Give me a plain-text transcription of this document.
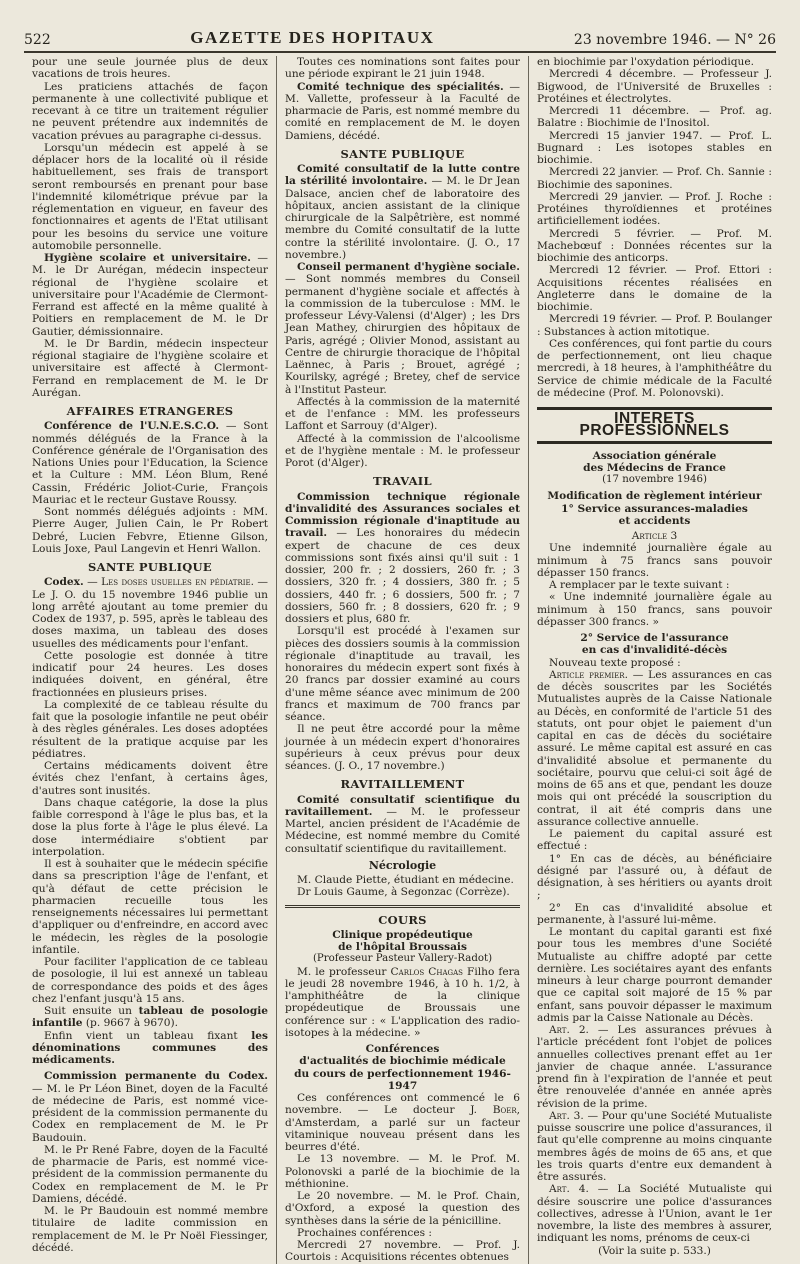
522	GAZETTE DES HOPITAUX	23 novembre 1946. — N° 26

pour une seule journée plus de deux vacations de trois heures.

Les praticiens attachés de façon permanente à une collectivité publique et recevant à ce titre un traitement régulier ne peuvent prétendre aux indemnités de vacation prévues au paragraphe ci-dessus.

Lorsqu'un médecin est appelé à se déplacer hors de la localité où il réside habituellement, ses frais de transport seront remboursés en prenant pour base l'indemnité kilométrique prévue par la réglementation en vigueur, en faveur des fonctionnaires et agents de l'Etat utilisant pour les besoins du service une voiture automobile personnelle.

Hygiène scolaire et universitaire. — M. le Dr Aurégan, médecin inspecteur régional de l'hygiène scolaire et universitaire pour l'Académie de Clermont-Ferrand est affecté en la même qualité à Poitiers en remplacement de M. le Dr Gautier, démissionnaire.

M. le Dr Bardin, médecin inspecteur régional stagiaire de l'hygiène scolaire et universitaire est affecté à Clermont-Ferrand en remplacement de M. le Dr Aurégan.

AFFAIRES ETRANGERES

Conférence de l'U.N.E.S.C.O. — Sont nommés délégués de la France à la Conférence générale de l'Organisation des Nations Unies pour l'Education, la Science et la Culture : MM. Léon Blum, René Cassin, Frédéric Joliot-Curie, François Mauriac et le recteur Gustave Roussy.

Sont nommés délégués adjoints : MM. Pierre Auger, Julien Cain, le Pr Robert Debré, Lucien Febvre, Etienne Gilson, Louis Joxe, Paul Langevin et Henri Wallon.

SANTE PUBLIQUE

Codex. — Les doses usuelles en pédiatrie. — Le J. O. du 15 novembre 1946 publie un long arrêté ajoutant au tome premier du Codex de 1937, p. 595, après le tableau des doses maxima, un tableau des doses usuelles des médicaments pour l'enfant.

Cette posologie est donnée à titre indicatif pour 24 heures. Les doses indiquées doivent, en général, être fractionnées en plusieurs prises.

La complexité de ce tableau résulte du fait que la posologie infantile ne peut obéir à des règles générales. Les doses adoptées résultent de la pratique acquise par les pédiatres.

Certains médicaments doivent être évités chez l'enfant, à certains âges, d'autres sont inusités.

Dans chaque catégorie, la dose la plus faible correspond à l'âge le plus bas, et la dose la plus forte à l'âge le plus élevé. La dose intermédiaire s'obtient par interpolation.

Il est à souhaiter que le médecin spécifie dans sa prescription l'âge de l'enfant, et qu'à défaut de cette précision le pharmacien recueille tous les renseignements nécessaires lui permettant d'appliquer ou d'enfreindre, en accord avec le médecin, les règles de la posologie infantile.

Pour faciliter l'application de ce tableau de posologie, il lui est annexé un tableau de correspondance des poids et des âges chez l'enfant jusqu'à 15 ans.

Suit ensuite un tableau de posologie infantile (p. 9667 à 9670).

Enfin vient un tableau fixant les dénominations communes des médicaments.

Commission permanente du Codex. — M. le Pr Léon Binet, doyen de la Faculté de médecine de Paris, est nommé vice-président de la commission permanente du Codex en remplacement de M. le Pr Baudouin.

M. le Pr René Fabre, doyen de la Faculté de pharmacie de Paris, est nommé vice-président de la commission permanente du Codex en remplacement de M. le Pr Damiens, décédé.

M. le Pr Baudouin est nommé membre titulaire de ladite commission en remplacement de M. le Pr Noël Fiessinger, décédé.

Toutes ces nominations sont faites pour une période expirant le 21 juin 1948.

Comité technique des spécialités. — M. Vallette, professeur à la Faculté de pharmacie de Paris, est nommé membre du comité en remplacement de M. le doyen Damiens, décédé.

SANTE PUBLIQUE

Comité consultatif de la lutte contre la stérilité involontaire. — M. le Dr Jean Dalsace, ancien chef de laboratoire des hôpitaux, ancien assistant de la clinique chirurgicale de la Salpêtrière, est nommé membre du Comité consultatif de la lutte contre la stérilité involontaire. (J. O., 17 novembre.)

Conseil permanent d'hygiène sociale. — Sont nommés membres du Conseil permanent d'hygiène sociale et affectés à la commission de la tuberculose : MM. le professeur Lévy-Valensi (d'Alger) ; les Drs Jean Mathey, chirurgien des hôpitaux de Paris, agrégé ; Olivier Monod, assistant au Centre de chirurgie thoracique de l'hôpital Laënnec, à Paris ; Brouet, agrégé ; Kourilsky, agrégé ; Bretey, chef de service à l'Institut Pasteur.

Affectés à la commission de la maternité et de l'enfance : MM. les professeurs Laffont et Sarrouy (d'Alger).

Affecté à la commission de l'alcoolisme et de l'hygiène mentale : M. le professeur Porot (d'Alger).

TRAVAIL

Commission technique régionale d'invalidité des Assurances sociales et Commission régionale d'inaptitude au travail. — Les honoraires du médecin expert de chacune de ces deux commissions sont fixés ainsi qu'il suit : 1 dossier, 200 fr. ; 2 dossiers, 260 fr. ; 3 dossiers, 320 fr. ; 4 dossiers, 380 fr. ; 5 dossiers, 440 fr. ; 6 dossiers, 500 fr. ; 7 dossiers, 560 fr. ; 8 dossiers, 620 fr. ; 9 dossiers et plus, 680 fr.

Lorsqu'il est procédé à l'examen sur pièces des dossiers soumis à la commission régionale d'inaptitude au travail, les honoraires du médecin expert sont fixés à 20 francs par dossier examiné au cours d'une même séance avec minimum de 200 francs et maximum de 700 francs par séance.

Il ne peut être accordé pour la même journée à un médecin expert d'honoraires supérieurs à ceux prévus pour deux séances. (J. O., 17 novembre.)

RAVITAILLEMENT

Comité consultatif scientifique du ravitaillement. — M. le professeur Martel, ancien président de l'Académie de Médecine, est nommé membre du Comité consultatif scientifique du ravitaillement.

Nécrologie

M. Claude Piette, étudiant en médecine.

Dr Louis Gaume, à Segonzac (Corrèze).

COURS
Clinique propédeutique
de l'hôpital Broussais
(Professeur Pasteur Vallery-Radot)

M. le professeur Carlos Chagas Filho fera le jeudi 28 novembre 1946, à 10 h. 1/2, à l'amphithéâtre de la clinique propédeutique de Broussais une conférence sur : « L'application des radio-isotopes à la médecine. »

Conférences
d'actualités de biochimie médicale
du cours de perfectionnement 1946-1947

Ces conférences ont commencé le 6 novembre. — Le docteur J. Boer, d'Amsterdam, a parlé sur un facteur vitaminique nouveau présent dans les beurres d'été.

Le 13 novembre. — M. le Prof. M. Polonovski a parlé de la biochimie de la méthionine.

Le 20 novembre. — M. le Prof. Chain, d'Oxford, a exposé la question des synthèses dans la série de la pénicilline.

Prochaines conférences :

Mercredi 27 novembre. — Prof. J. Courtois : Acquisitions récentes obtenues

en biochimie par l'oxydation périodique.

Mercredi 4 décembre. — Professeur J. Bigwood, de l'Université de Bruxelles : Protéines et électrolytes.

Mercredi 11 décembre. — Prof. ag. Balatre : Biochimie de l'Inositol.

Mercredi 15 janvier 1947. — Prof. L. Bugnard : Les isotopes stables en biochimie.

Mercredi 22 janvier. — Prof. Ch. Sannie : Biochimie des saponines.

Mercredi 29 janvier. — Prof. J. Roche : Protéines thyroïdiennes et protéines artificiellement iodées.

Mercredi 5 février. — Prof. M. Machebœuf : Données récentes sur la biochimie des anticorps.

Mercredi 12 février. — Prof. Ettori : Acquisitions récentes réalisées en Angleterre dans le domaine de la biochimie.

Mercredi 19 février. — Prof. P. Boulanger : Substances à action mitotique.

Ces conférences, qui font partie du cours de perfectionnement, ont lieu chaque mercredi, à 18 heures, à l'amphithéâtre du Service de chimie médicale de la Faculté de médecine (Prof. M. Polonovski).

INTERETS PROFESSIONNELS
Association générale
des Médecins de France
(17 novembre 1946)
Modification de règlement intérieur
1° Service assurances-maladies
et accidents
Article 3

Une indemnité journalière égale au minimum à 75 francs sans pouvoir dépasser 150 francs.

A remplacer par le texte suivant :

« Une indemnité journalière égale au minimum à 150 francs, sans pouvoir dépasser 300 francs. »

2° Service de l'assurance
en cas d'invalidité-décès

Nouveau texte proposé :

Article premier. — Les assurances en cas de décès souscrites par les Sociétés Mutualistes auprès de la Caisse Nationale au Décès, en conformité de l'article 51 des statuts, ont pour objet le paiement d'un capital en cas de décès du sociétaire assuré. Le même capital est assuré en cas d'invalidité absolue et permanente du sociétaire, pourvu que celui-ci soit âgé de moins de 65 ans et que, pendant les douze mois qui ont précédé la souscription du contrat, il ait été compris dans une assurance collective annuelle.

Le paiement du capital assuré est effectué :

1° En cas de décès, au bénéficiaire désigné par l'assuré ou, à défaut de désignation, à ses héritiers ou ayants droit ;

2° En cas d'invalidité absolue et permanente, à l'assuré lui-même.

Le montant du capital garanti est fixé pour tous les membres d'une Société Mutualiste au chiffre adopté par cette dernière. Les sociétaires ayant des enfants mineurs à leur charge pourront demander que ce capital soit majoré de 15 % par enfant, sans pouvoir dépasser le maximum admis par la Caisse Nationale au Décès.

Art. 2. — Les assurances prévues à l'article précédent font l'objet de polices annuelles collectives prenant effet au 1er janvier de chaque année. L'assurance prend fin à l'expiration de l'année et peut être renouvelée d'année en année après révision de la prime.

Art. 3. — Pour qu'une Société Mutualiste puisse souscrire une police d'assurances, il faut qu'elle comprenne au moins cinquante membres âgés de moins de 65 ans, et que les trois quarts d'entre eux demandent à être assurés.

Art. 4. — La Société Mutualiste qui désire souscrire une police d'assurances collectives, adresse à l'Union, avant le 1er novembre, la liste des membres à assurer, indiquant les noms, prénoms de ceux-ci

(Voir la suite p. 533.)
